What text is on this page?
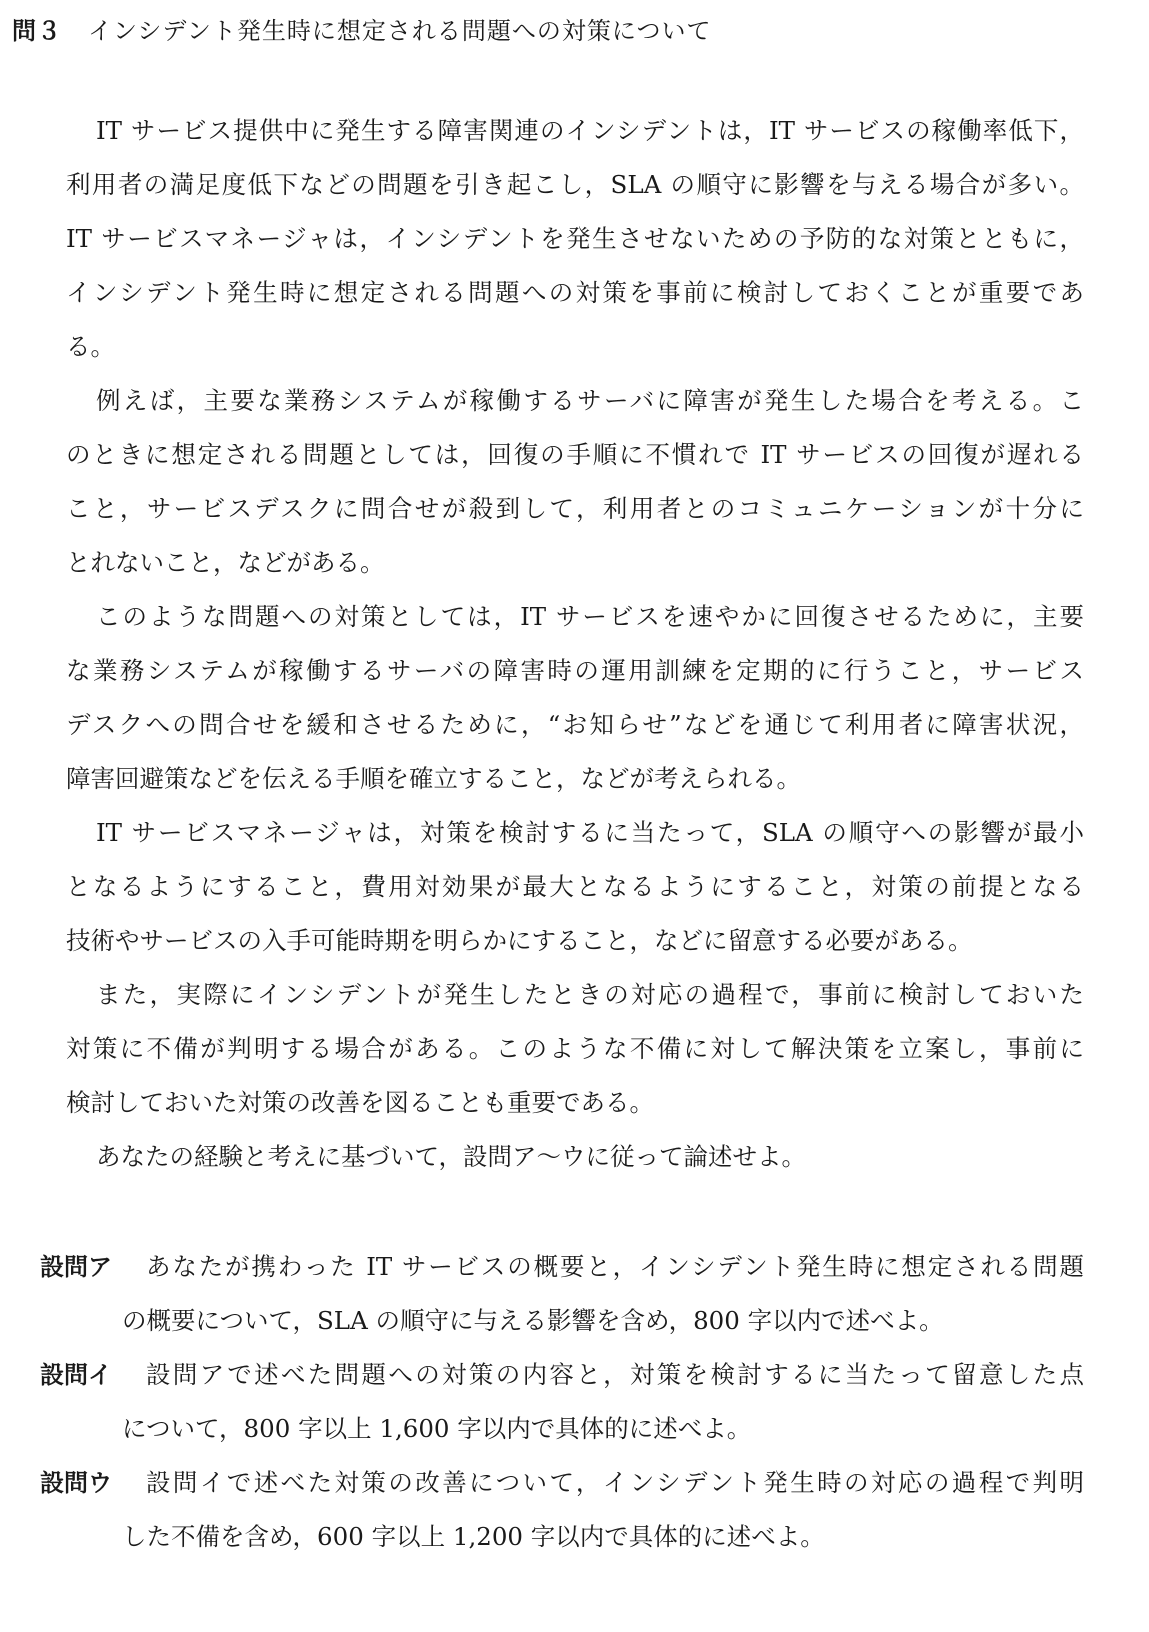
問３ インシデント発生時に想定される問題への対策について
IT サービス提供中に発生する障害関連のインシデントは，IT サービスの稼働率低下，
利用者の満足度低下などの問題を引き起こし，SLA の順守に影響を与える場合が多い。
IT サービスマネージャは，インシデントを発生させないための予防的な対策とともに，
インシデント発生時に想定される問題への対策を事前に検討しておくことが重要であ
る。
例えば，主要な業務システムが稼働するサーバに障害が発生した場合を考える。こ
のときに想定される問題としては，回復の手順に不慣れで IT サービスの回復が遅れる
こと，サービスデスクに問合せが殺到して，利用者とのコミュニケーションが十分に
とれないこと，などがある。
このような問題への対策としては，IT サービスを速やかに回復させるために，主要
な業務システムが稼働するサーバの障害時の運用訓練を定期的に行うこと，サービス
デスクへの問合せを緩和させるために，“お知らせ”などを通じて利用者に障害状況，
障害回避策などを伝える手順を確立すること，などが考えられる。
IT サービスマネージャは，対策を検討するに当たって，SLA の順守への影響が最小
となるようにすること，費用対効果が最大となるようにすること，対策の前提となる
技術やサービスの入手可能時期を明らかにすること，などに留意する必要がある。
また，実際にインシデントが発生したときの対応の過程で，事前に検討しておいた
対策に不備が判明する場合がある。このような不備に対して解決策を立案し，事前に
検討しておいた対策の改善を図ることも重要である。
あなたの経験と考えに基づいて，設問ア～ウに従って論述せよ。
設問ア あなたが携わった IT サービスの概要と，インシデント発生時に想定される問題
の概要について，SLA の順守に与える影響を含め，800 字以内で述べよ。
設問イ 設問アで述べた問題への対策の内容と，対策を検討するに当たって留意した点
について，800 字以上 1,600 字以内で具体的に述べよ。
設問ウ 設問イで述べた対策の改善について，インシデント発生時の対応の過程で判明
した不備を含め，600 字以上 1,200 字以内で具体的に述べよ。
